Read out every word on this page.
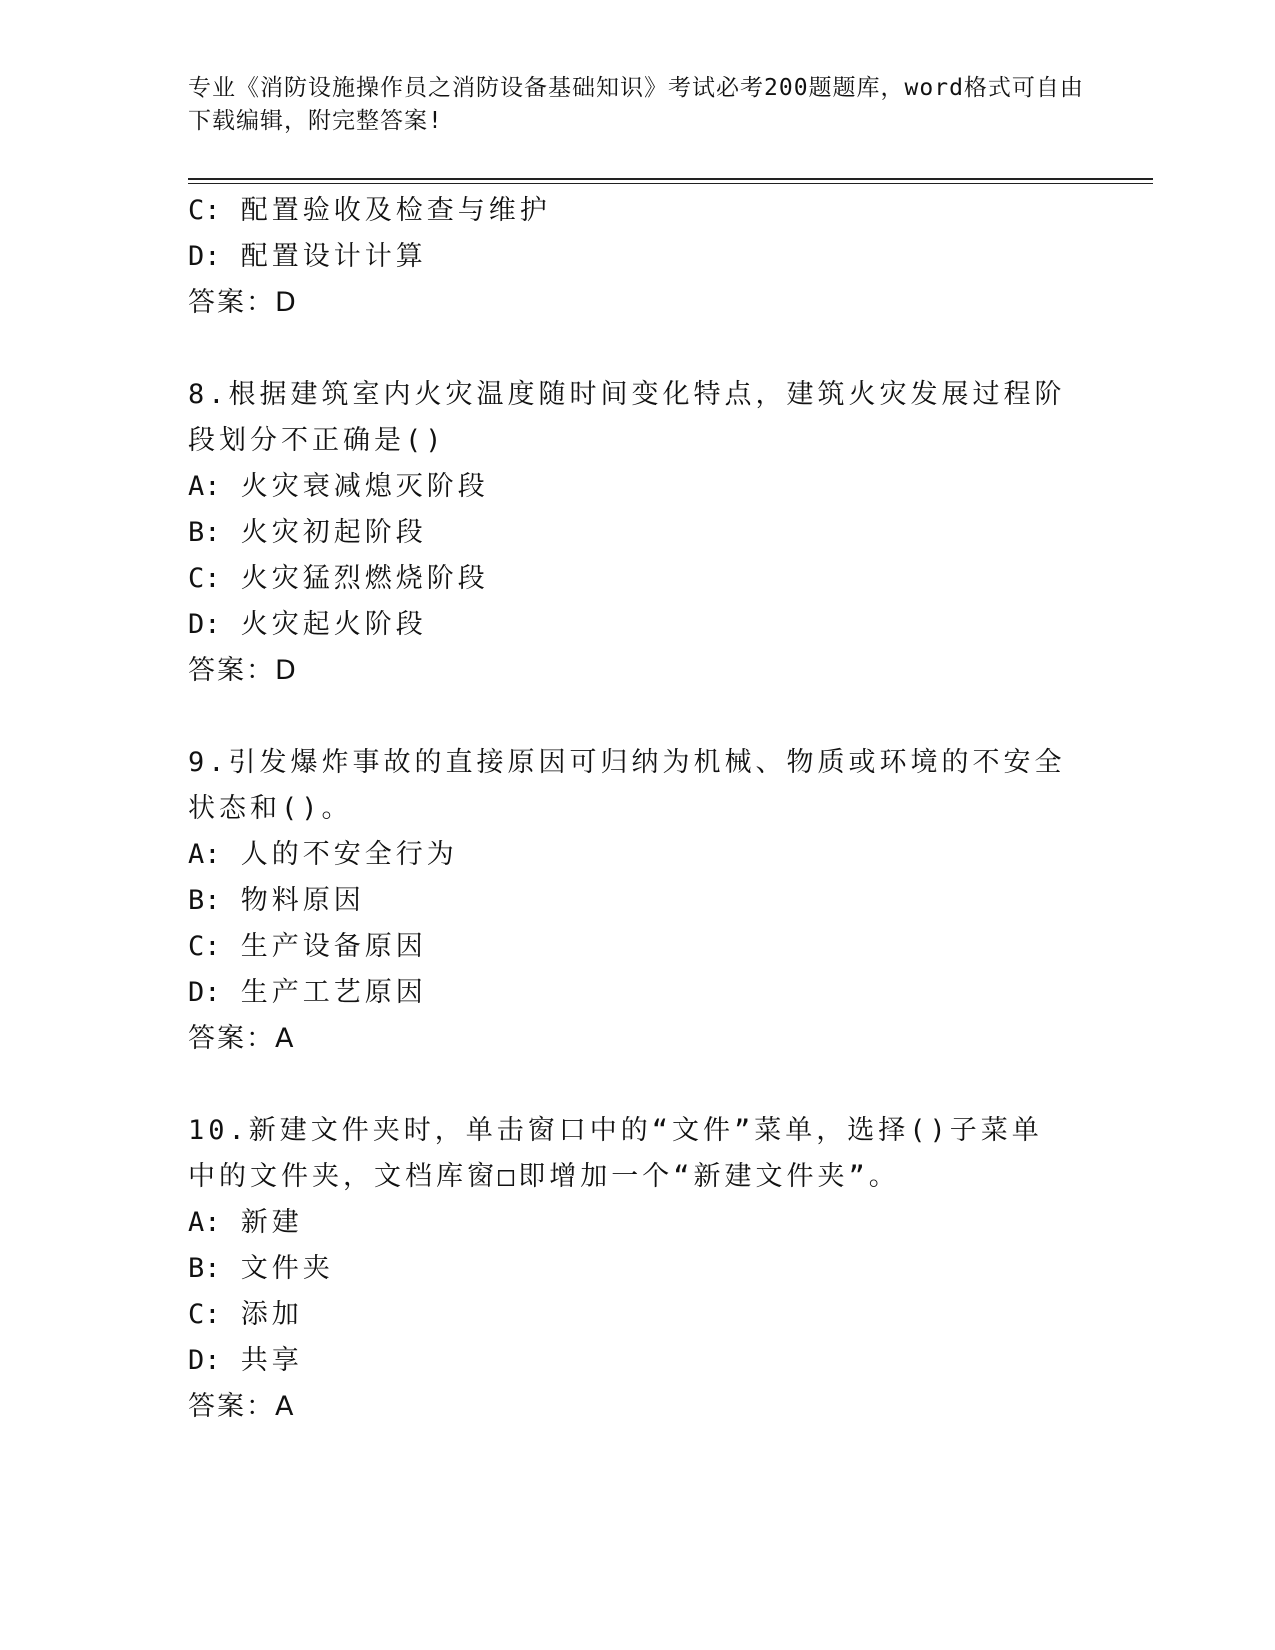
专业《消防设施操作员之消防设备基础知识》考试必考200题题库，word格式可自由下载编辑，附完整答案!
C: 配置验收及检查与维护
D: 配置设计计算
答案：D
8.根据建筑室内火灾温度随时间变化特点，建筑火灾发展过程阶段划分不正确是()
A: 火灾衰减熄灭阶段
B: 火灾初起阶段
C: 火灾猛烈燃烧阶段
D: 火灾起火阶段
答案：D
9.引发爆炸事故的直接原因可归纳为机械、物质或环境的不安全状态和()。
A: 人的不安全行为
B: 物料原因
C: 生产设备原因
D: 生产工艺原因
答案：A
10.新建文件夹时，单击窗口中的“文件”菜单，选择()子菜单中的文件夹，文档库窗□即增加一个“新建文件夹”。
A: 新建
B: 文件夹
C: 添加
D: 共享
答案：A
